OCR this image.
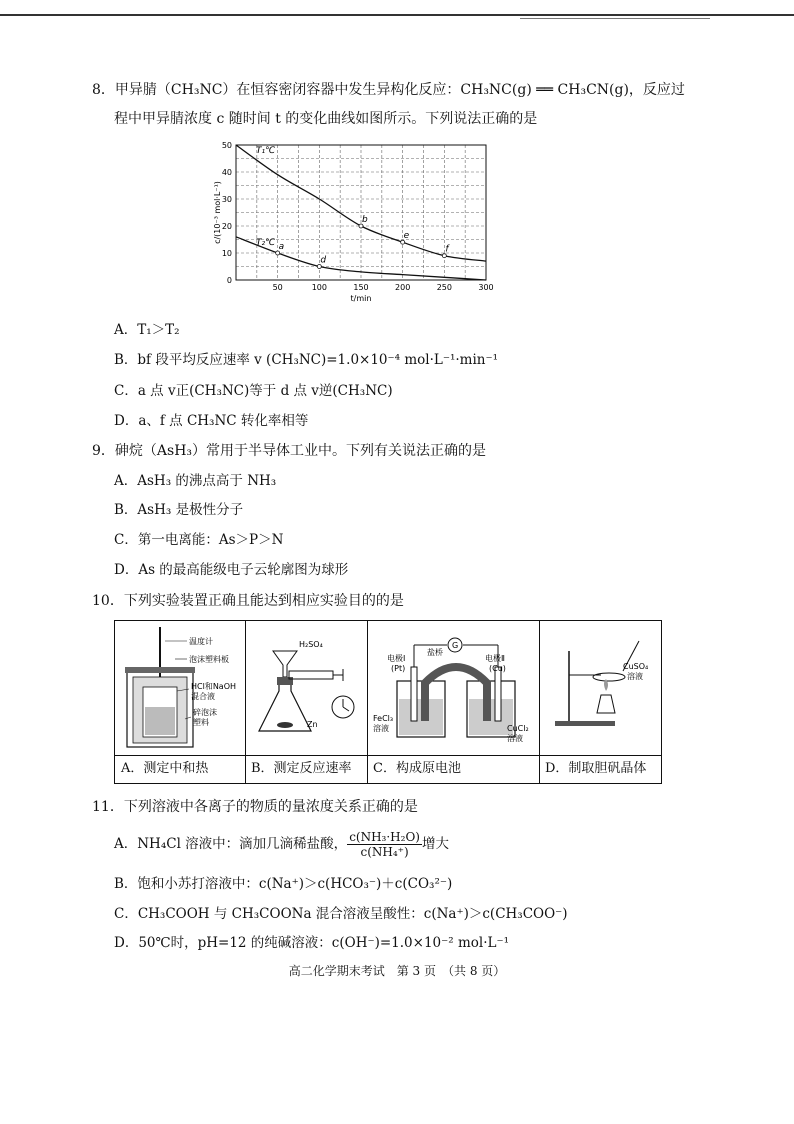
8．甲异腈（CH₃NC）在恒容密闭容器中发生异构化反应：CH₃NC(g) ══ CH₃CN(g)，反应过
程中甲异腈浓度 c 随时间 t 的变化曲线如图所示。下列说法正确的是
50	100	150	200	250	300
0
10
20
30
40
50
T₁℃
T₂℃ a
b
d
e
f
t/min
c/(10⁻³ mol·L⁻¹)
A．T₁＞T₂
B．bf 段平均反应速率 v (CH₃NC)=1.0×10⁻⁴ mol·L⁻¹·min⁻¹
C．a 点 v正(CH₃NC)等于 d 点 v逆(CH₃NC)
D．a、f 点 CH₃NC 转化率相等
9．砷烷（AsH₃）常用于半导体工业中。下列有关说法正确的是
A．AsH₃ 的沸点高于 NH₃
B．AsH₃ 是极性分子
C．第一电离能：As＞P＞N
D．As 的最高能级电子云轮廓图为球形
10．下列实验装置正确且能达到相应实验目的的是
温度计
泡沫塑料板
HCl和NaOH
混合液
碎泡沫
塑料
A．测定中和热
H₂SO₄
Zn
B．测定反应速率
G
电极Ⅰ
(Pt)
盐桥
电极Ⅱ
(Cu)
FeCl₃
溶液	CuCl₂
溶液
C．构成原电池
CuSO₄
溶液
D．制取胆矾晶体
11．下列溶液中各离子的物质的量浓度关系正确的是
A．NH₄Cl 溶液中：滴加几滴稀盐酸， $\frac{\text{c(NH₃·H₂O)}}{\text{c(NH₄⁺)}}$ 增大
B．饱和小苏打溶液中：c(Na⁺)＞c(HCO₃⁻)＋c(CO₃²⁻)
C．CH₃COOH 与 CH₃COONa 混合溶液呈酸性：c(Na⁺)＞c(CH₃COO⁻)
D．50℃时，pH=12 的纯碱溶液：c(OH⁻)=1.0×10⁻² mol·L⁻¹
高二化学期末考试　第 3 页　（共 8 页）
